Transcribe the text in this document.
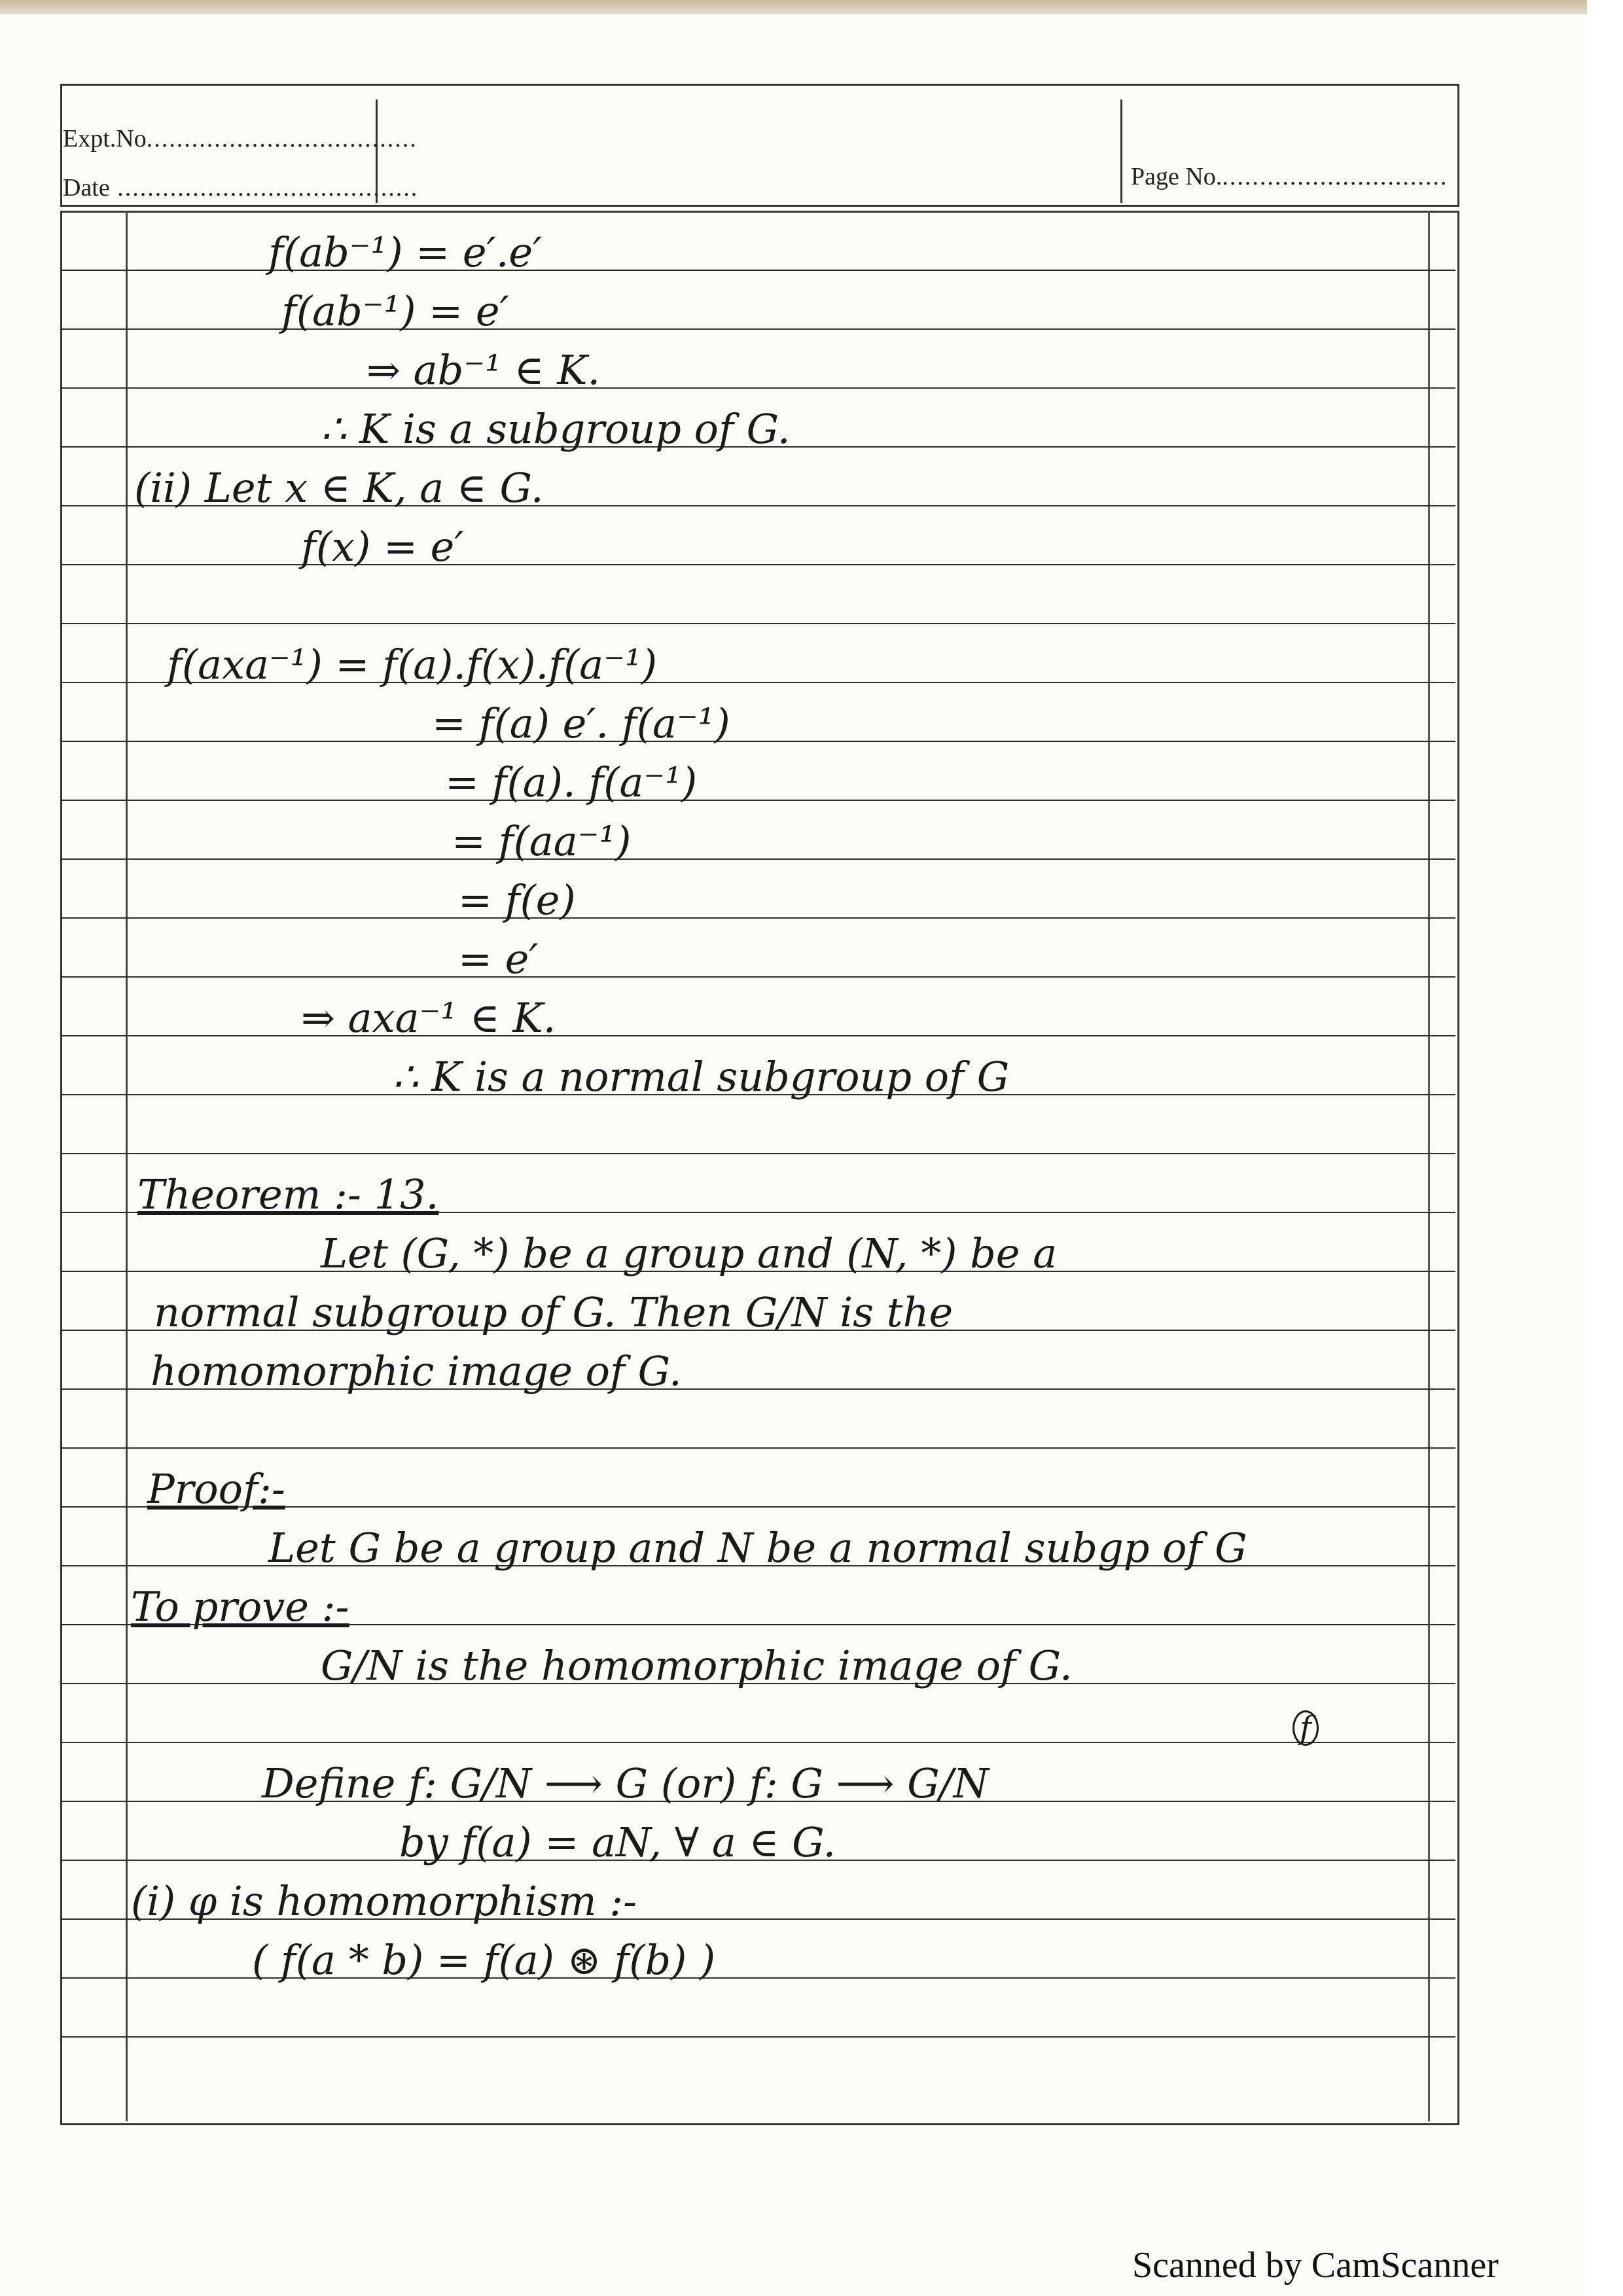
Expt.No....................................
Date ........................................	Page No...............................
f(ab⁻¹) = e′.e′
f(ab⁻¹) = e′
⇒ ab⁻¹ ∈ K.
∴ K is a subgroup of G.
(ii) Let x ∈ K, a ∈ G.
f(x) = e′
f(axa⁻¹) = f(a).f(x).f(a⁻¹)
= f(a) e′. f(a⁻¹)
= f(a). f(a⁻¹)
= f(aa⁻¹)
= f(e)
= e′
⇒ axa⁻¹ ∈ K.
∴ K is a normal subgroup of G
Theorem :- 13.
Let (G, *) be a group and (N, *) be a
normal subgroup of G. Then G/N is the
homomorphic image of G.
Proof:-
Let G be a group and N be a normal subgp of G
To prove :-
G/N is the homomorphic image of G.
Define f: G/N ⟶ G (or) f: G ⟶ G/N
f
by f(a) = aN, ∀ a ∈ G.
(i) φ is homomorphism :-
( f(a * b) = f(a) ⊛ f(b) )
Scanned by CamScanner
